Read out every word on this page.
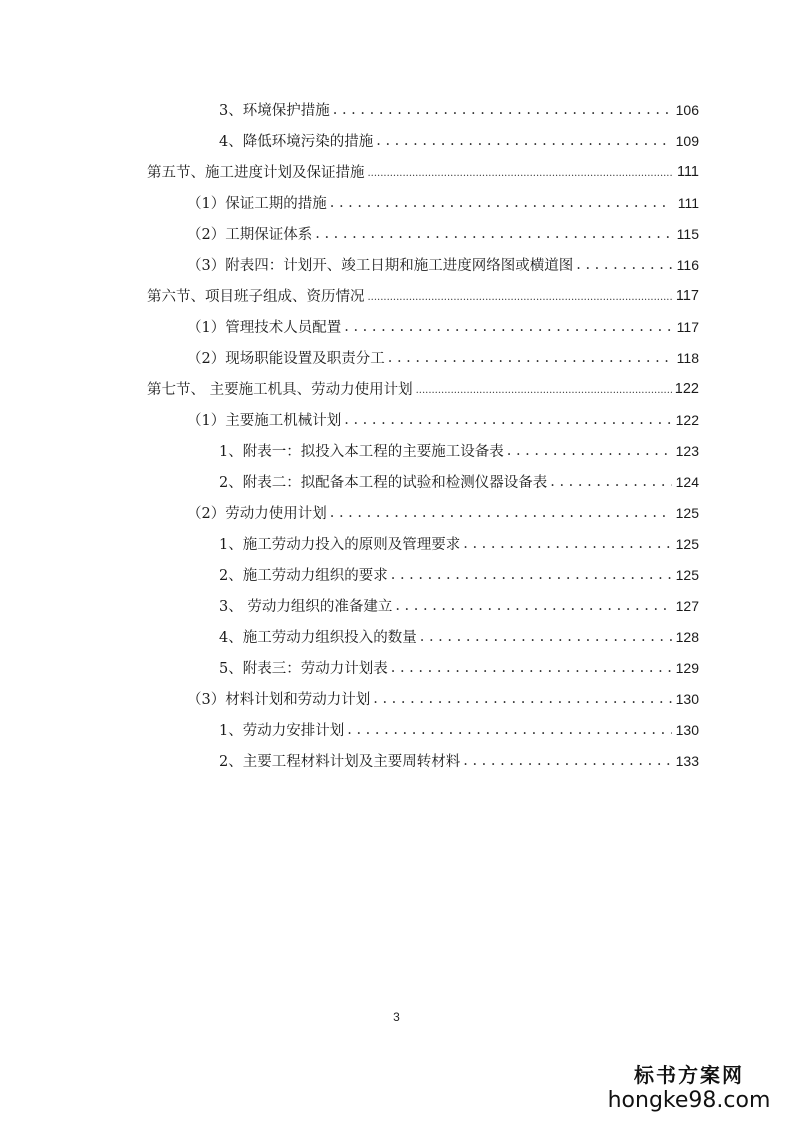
3、环境保护措施 . . .	106
4、降低环境污染的措施 . . .	109
第五节、施工进度计划及保证措施 .....	111
（1）保证工期的措施 . . .	111
（2）工期保证体系 . . .	115
（3）附表四：计划开、竣工日期和施工进度网络图或横道图 . . .	116
第六节、项目班子组成、资历情况 .....	117
（1）管理技术人员配置 . . .	117
（2）现场职能设置及职责分工 . . .	118
第七节、 主要施工机具、劳动力使用计划 .....	122
（1）主要施工机械计划 . . .	122
1、附表一：拟投入本工程的主要施工设备表 . . .	123
2、附表二：拟配备本工程的试验和检测仪器设备表 . . .	124
（2）劳动力使用计划 . . .	125
1、施工劳动力投入的原则及管理要求 . . .	125
2、施工劳动力组织的要求 . . .	125
3、 劳动力组织的准备建立 . . .	127
4、施工劳动力组织投入的数量 . . .	128
5、附表三：劳动力计划表 . . .	129
（3）材料计划和劳动力计划 . . .	130
1、劳动力安排计划 . . .	130
2、主要工程材料计划及主要周转材料 . . .	133
3
标书方案网
hongke98.com
